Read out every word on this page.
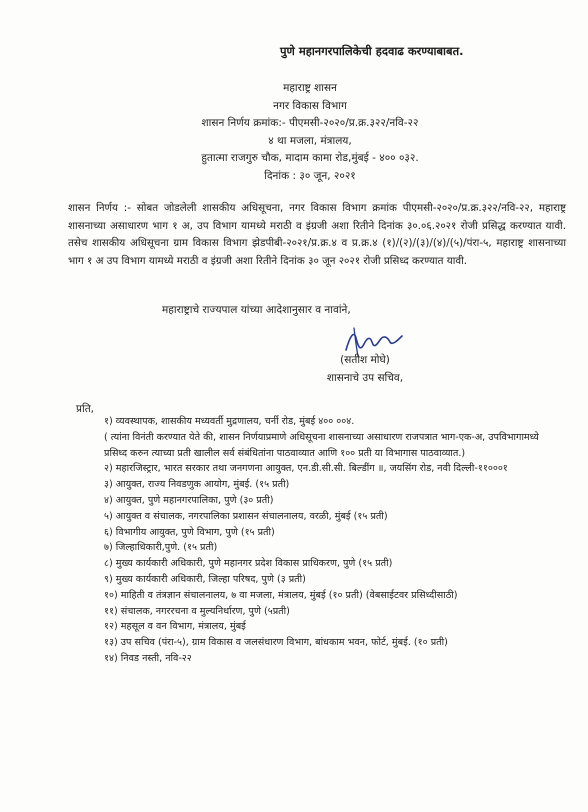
पुणे महानगरपालिकेची हदवाढ करण्याबाबत.
महाराष्ट्र शासन
नगर विकास विभाग
शासन निर्णय क्रमांक:- पीएमसी-२०२०/प्र.क्र.३२२/नवि-२२
४ था मजला, मंत्रालय,
हुतात्मा राजगुरु चौक, मादाम कामा रोड,मुंबई - ४०० ०३२.
दिनांक : ३० जून, २०२१
शासन निर्णय :- सोबत जोडलेली शासकीय अधिसूचना, नगर विकास विभाग क्रमांक पीएमसी-२०२०/प्र.क्र.३२२/नवि-२२, महाराष्ट्र शासनाच्या असाधारण भाग १ अ, उप विभाग यामध्ये मराठी व इंग्रजी अशा रितीने दिनांक ३०.०६.२०२१ रोजी प्रसिद्ध करण्यात यावी. तसेच शासकीय अधिसूचना ग्राम विकास विभाग झेडपीबी-२०२१/प्र.क्र.४ व प्र.क्र.४ (१)/(२)/(३)/(४)/(५)/पंरा-५, महाराष्ट्र शासनाच्या भाग १ अ उप विभाग यामध्ये मराठी व इंग्रजी अशा रितीने दिनांक ३० जून २०२१ रोजी प्रसिध्द करण्यात यावी.
महाराष्ट्राचे राज्यपाल यांच्या आदेशानुसार व नावांने,
(सतीश मोघे)
शासनाचे उप सचिव,
प्रति,
१) व्यवस्थापक, शासकीय मध्यवर्ती मुद्रणालय, चर्नी रोड, मुंबई ४०० ००४.
( त्यांना विनंती करण्यात येते की, शासन निर्णयाप्रमाणे अधिसूचना शासनाच्या असाधारण राजपत्रात भाग-एक-अ, उपविभागामध्ये प्रसिध्द करुन त्याच्या प्रती खालील सर्व संबंधितांना पाठवाव्यात आणि १०० प्रती या विभागास पाठवाव्यात.)
२) महारजिस्ट्रार, भारत सरकार तथा जनगणना आयुक्त, एन.डी.सी.सी. बिल्डींग ॥, जयसिंग रोड, नवी दिल्ली-११०००१
३) आयुक्त, राज्य निवडणुक आयोग, मुंबई. (१५ प्रती)
४) आयुक्त, पुणे महानगरपालिका, पुणे (३० प्रती)
५) आयुक्त व संचालक, नगरपालिका प्रशासन संचालनालय, वरळी, मुंबई (१५ प्रती)
६) विभागीय आयुक्त, पुणे विभाग, पुणे (१५ प्रती)
७) जिल्हाधिकारी,पुणे. (१५ प्रती)
८) मुख्य कार्यकारी अधिकारी, पुणे महानगर प्रदेश विकास प्राधिकरण, पुणे (१५ प्रती)
९) मुख्य कार्यकारी अधिकारी, जिल्हा परिषद, पुणे (३ प्रती)
१०) माहिती व तंत्रज्ञान संचालनालय, ७ वा मजला, मंत्रालय, मुंबई (१० प्रती) (वेबसाईटवर प्रसिध्दीसाठी)
११) संचालक, नगररचना व मुल्यनिर्धारण, पुणे (५प्रती)
१२) महसूल व वन विभाग, मंत्रालय, मुंबई
१३) उप सचिव (पंरा-५), ग्राम विकास व जलसंधारण विभाग, बांधकाम भवन, फोर्ट, मुंबई. (१० प्रती)
१४) निवड नस्ती, नवि-२२
